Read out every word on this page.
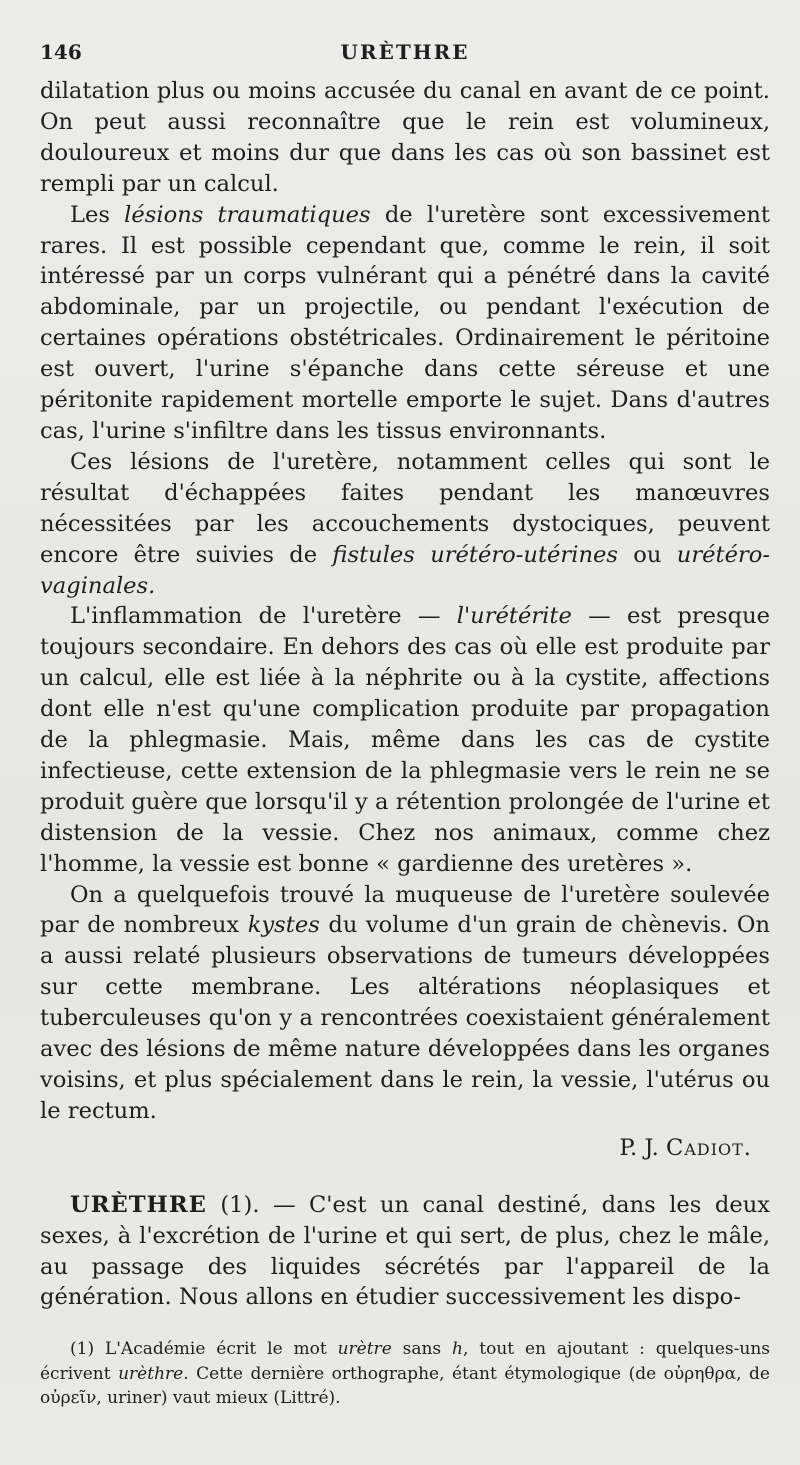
146	URÈTHRE

dilatation plus ou moins accusée du canal en avant de ce point. On peut aussi reconnaître que le rein est volumineux, douloureux et moins dur que dans les cas où son bassinet est rempli par un calcul.

Les lésions traumatiques de l'uretère sont excessivement rares. Il est possible cependant que, comme le rein, il soit intéressé par un corps vulnérant qui a pénétré dans la cavité abdominale, par un projectile, ou pendant l'exécution de certaines opérations obstétricales. Ordinairement le péritoine est ouvert, l'urine s'épanche dans cette séreuse et une péritonite rapidement mortelle emporte le sujet. Dans d'autres cas, l'urine s'infiltre dans les tissus environnants.

Ces lésions de l'uretère, notamment celles qui sont le résultat d'échappées faites pendant les manœuvres nécessitées par les accouchements dystociques, peuvent encore être suivies de fistules urétéro-utérines ou urétéro-vaginales.

L'inflammation de l'uretère — l'urétérite — est presque toujours secondaire. En dehors des cas où elle est produite par un calcul, elle est liée à la néphrite ou à la cystite, affections dont elle n'est qu'une complication produite par propagation de la phlegmasie. Mais, même dans les cas de cystite infectieuse, cette extension de la phlegmasie vers le rein ne se produit guère que lorsqu'il y a rétention prolongée de l'urine et distension de la vessie. Chez nos animaux, comme chez l'homme, la vessie est bonne « gardienne des uretères ».

On a quelquefois trouvé la muqueuse de l'uretère soulevée par de nombreux kystes du volume d'un grain de chènevis. On a aussi relaté plusieurs observations de tumeurs développées sur cette membrane. Les altérations néoplasiques et tuberculeuses qu'on y a rencontrées coexistaient généralement avec des lésions de même nature développées dans les organes voisins, et plus spécialement dans le rein, la vessie, l'utérus ou le rectum.

P. J. Cadiot.

URÈTHRE (1). — C'est un canal destiné, dans les deux sexes, à l'excrétion de l'urine et qui sert, de plus, chez le mâle, au passage des liquides sécrétés par l'appareil de la génération. Nous allons en étudier successivement les dispo-

(1) L'Académie écrit le mot urètre sans h, tout en ajoutant : quelques-uns écrivent urèthre. Cette dernière orthographe, étant étymologique (de οὐρηθρα, de οὐρεῖν, uriner) vaut mieux (Littré).
